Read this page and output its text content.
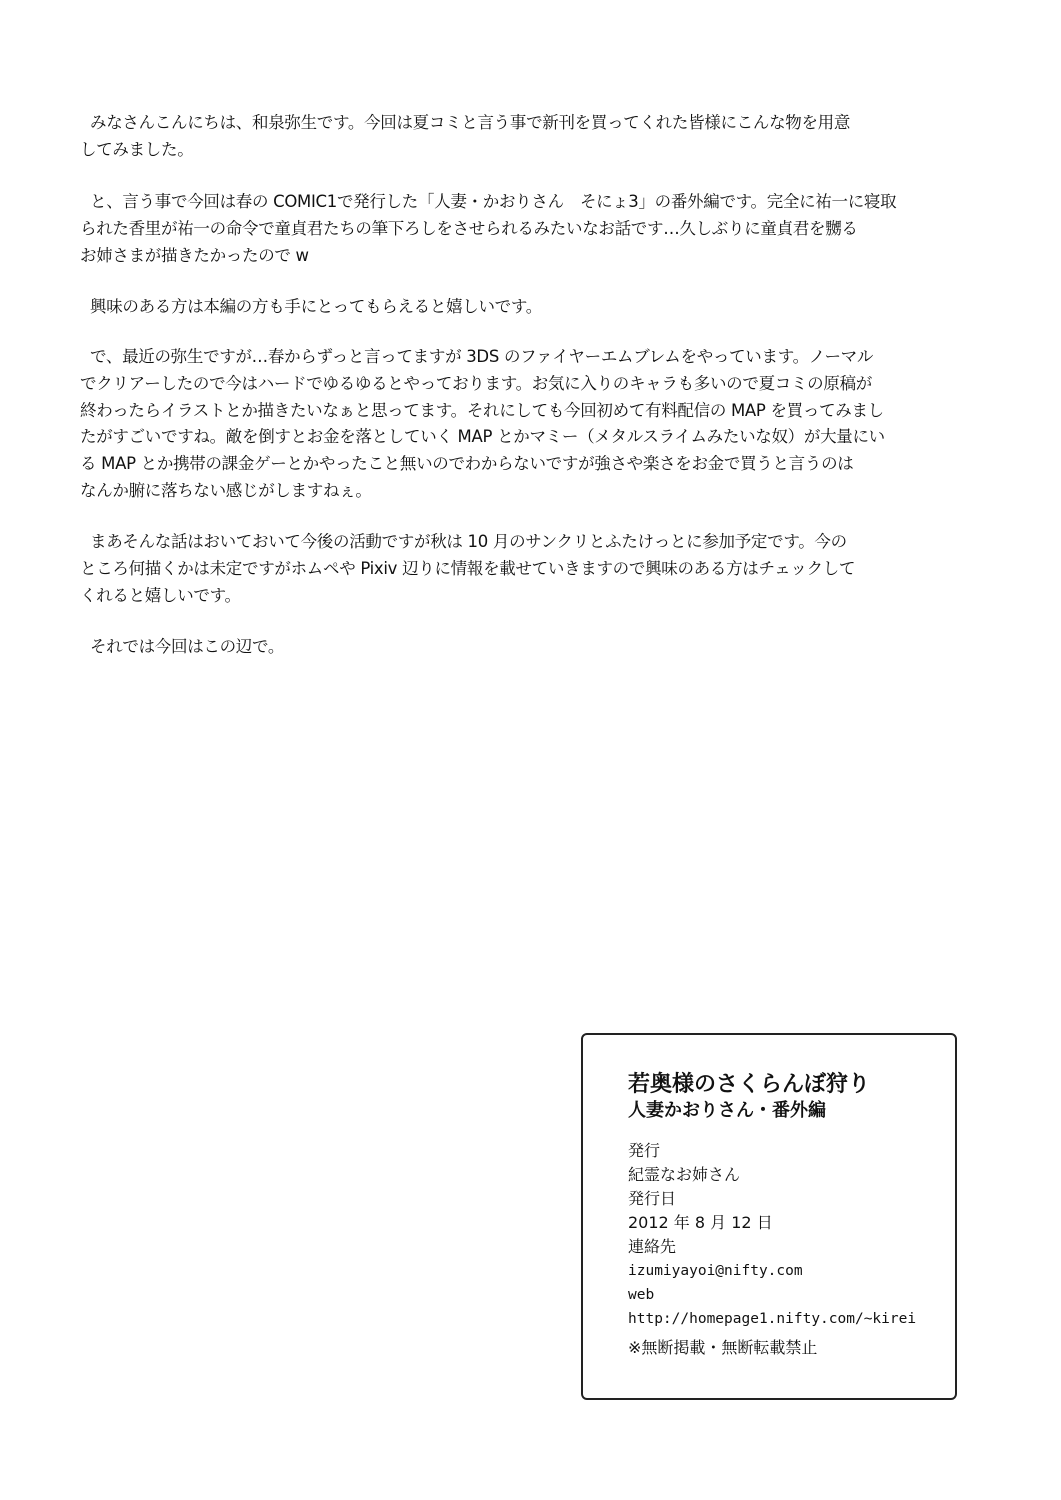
みなさんこんにちは、和泉弥生です。今回は夏コミと言う事で新刊を買ってくれた皆様にこんな物を用意
してみました。
と、言う事で今回は春の COMIC1で発行した「人妻・かおりさん　そにょ3」の番外編です。完全に祐一に寝取
られた香里が祐一の命令で童貞君たちの筆下ろしをさせられるみたいなお話です…久しぶりに童貞君を嬲る
お姉さまが描きたかったので w
興味のある方は本編の方も手にとってもらえると嬉しいです。
で、最近の弥生ですが…春からずっと言ってますが 3DS のファイヤーエムブレムをやっています。ノーマル
でクリアーしたので今はハードでゆるゆるとやっております。お気に入りのキャラも多いので夏コミの原稿が
終わったらイラストとか描きたいなぁと思ってます。それにしても今回初めて有料配信の MAP を買ってみまし
たがすごいですね。敵を倒すとお金を落としていく MAP とかマミー（メタルスライムみたいな奴）が大量にい
る MAP とか携帯の課金ゲーとかやったこと無いのでわからないですが強さや楽さをお金で買うと言うのは
なんか腑に落ちない感じがしますねぇ。
まあそんな話はおいておいて今後の活動ですが秋は 10 月のサンクリとふたけっとに参加予定です。今の
ところ何描くかは未定ですがホムペや Pixiv 辺りに情報を載せていきますので興味のある方はチェックして
くれると嬉しいです。
それでは今回はこの辺で。
若奥様のさくらんぼ狩り
人妻かおりさん・番外編
発行
紀霊なお姉さん
発行日
2012 年 8 月 12 日
連絡先
izumiyayoi@nifty.com
web
http://homepage1.nifty.com/~kirei
※無断掲載・無断転載禁止
